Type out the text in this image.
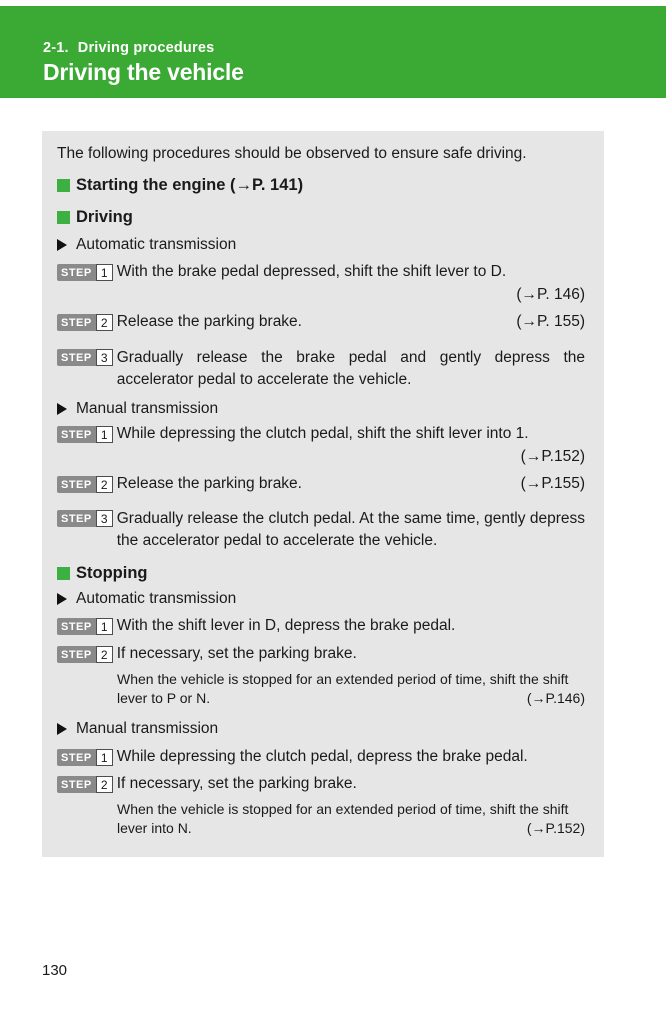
2-1. Driving procedures
Driving the vehicle

The following procedures should be observed to ensure safe driving.

Starting the engine (→P. 141)
Driving
Automatic transmission
STEP 1 With the brake pedal depressed, shift the shift lever to D.
(→P. 146)
STEP 2 Release the parking brake.	(→P. 155)
STEP 3 Gradually release the brake pedal and gently depress the accelerator pedal to accelerate the vehicle.
Manual transmission
STEP 1 While depressing the clutch pedal, shift the shift lever into 1.
(→P.152)
STEP 2 Release the parking brake.	(→P.155)
STEP 3 Gradually release the clutch pedal. At the same time, gently depress the accelerator pedal to accelerate the vehicle.
Stopping
Automatic transmission
STEP 1 With the shift lever in D, depress the brake pedal.
STEP 2 If necessary, set the parking brake.
When the vehicle is stopped for an extended period of time, shift the shift lever to P or N.	(→P.146)
Manual transmission
STEP 1 While depressing the clutch pedal, depress the brake pedal.
STEP 2 If necessary, set the parking brake.
When the vehicle is stopped for an extended period of time, shift the shift lever into N.	(→P.152)
130
